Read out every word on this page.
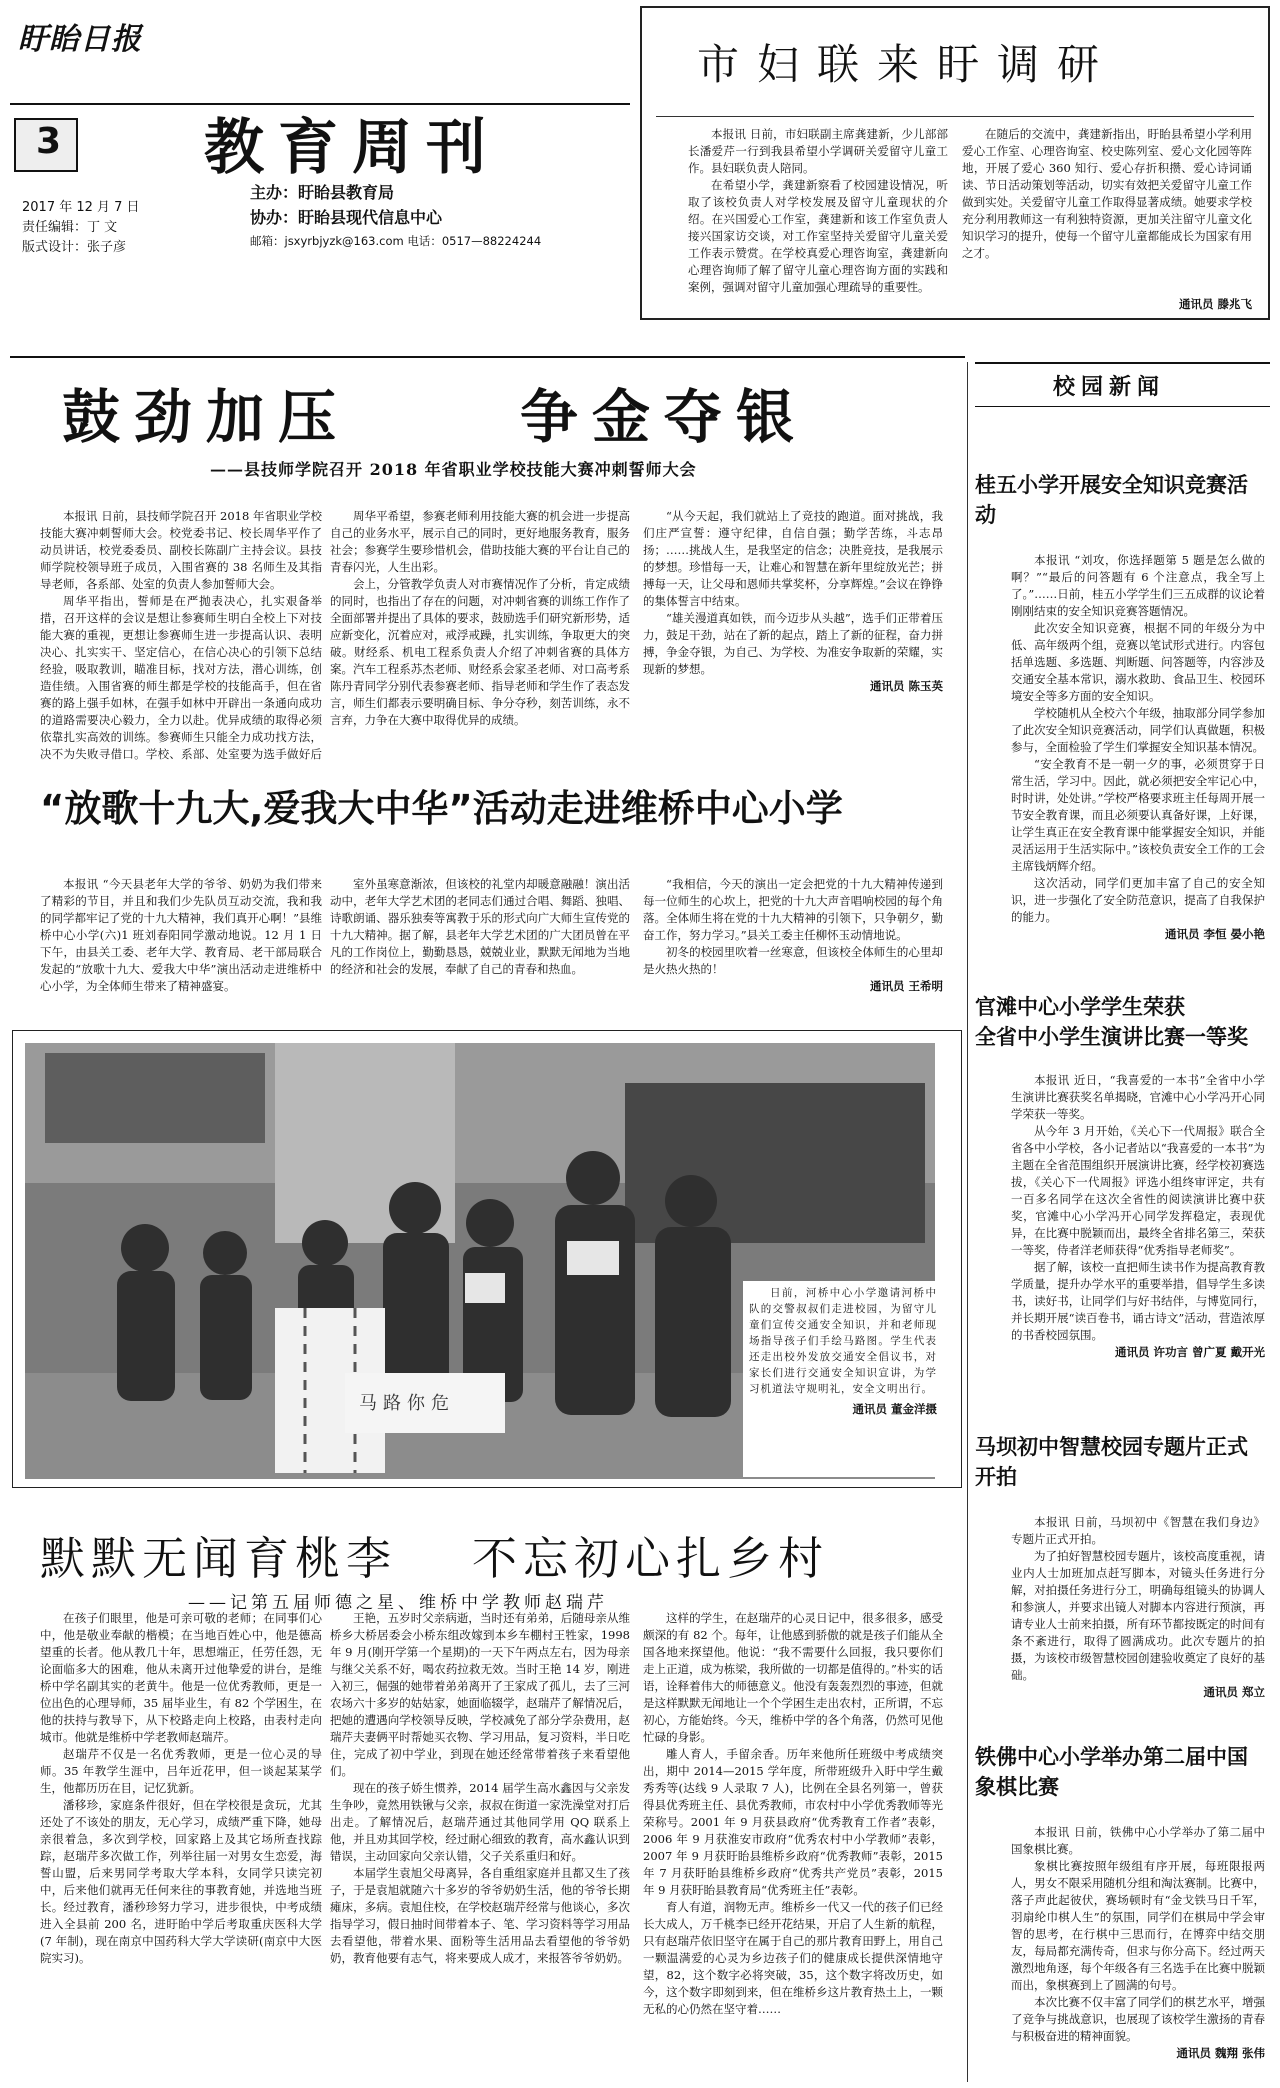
盱眙日报
3 教育周刊
2017 年 12 月 7 日
责任编辑：丁 文
版式设计：张子彦
主办：盱眙县教育局
协办：盱眙县现代信息中心
邮箱：jsxyrbjyzk@163.com 电话：0517—88224244
市妇联来盱调研

本报讯 日前，市妇联副主席龚建新，少儿部部长潘爱芹一行到我县希望小学调研关爱留守儿童工作。县妇联负责人陪同。

在希望小学，龚建新察看了校园建设情况，听取了该校负责人对学校发展及留守儿童现状的介绍。在兴国爱心工作室，龚建新和该工作室负责人接兴国家访交谈，对工作室坚持关爱留守儿童关爱工作表示赞赏。在学校真爱心理咨询室，龚建新向心理咨询师了解了留守儿童心理咨询方面的实践和案例，强调对留守儿童加强心理疏导的重要性。

在随后的交流中，龚建新指出，盱眙县希望小学利用爱心工作室、心理咨询室、校史陈列室、爱心文化园等阵地，开展了爱心 360 知行、爱心存折积攒、爱心诗词诵读、节日活动策划等活动，切实有效把关爱留守儿童工作做到实处。关爱留守儿童工作取得显著成绩。她要求学校充分利用教师这一有利独特资源，更加关注留守儿童文化知识学习的提升，使每一个留守儿童都能成长为国家有用之才。

通讯员 滕兆飞

鼓劲加压	争金夺银
——县技师学院召开 2018 年省职业学校技能大赛冲刺誓师大会

本报讯 日前，县技师学院召开 2018 年省职业学校技能大赛冲刺誓师大会。校党委书记、校长周华平作了动员讲话，校党委委员、副校长陈副广主持会议。县技师学院校领导班子成员，入围省赛的 38 名师生及其指导老师，各系部、处室的负责人参加誓师大会。

周华平指出，誓师是在严抛表决心，扎实艰备举措，召开这样的会议是想让参赛师生明白全校上下对技能大赛的重视，更想让参赛师生进一步提高认识、表明决心、扎实实干、坚定信心，在信心决心的引领下总结经验，吸取教训，瞄准目标，找对方法，潜心训练，创造佳绩。入围省赛的师生都是学校的技能高手，但在省赛的路上强手如林，在强手如林中开辟出一条通向成功的道路需要决心毅力，全力以赴。优异成绩的取得必须依靠扎实高效的训练。参赛师生只能全力成功找方法，决不为失败寻借口。学校、系部、处室要为选手做好后

周华平希望，参赛老师利用技能大赛的机会进一步提高自己的业务水平，展示自己的同时，更好地服务教育，服务社会；参赛学生要珍惜机会，借助技能大赛的平台让自己的青春闪光，人生出彩。

会上，分管教学负责人对市赛情况作了分析，肯定成绩的同时，也指出了存在的问题，对冲刺省赛的训练工作作了全面部署并提出了具体的要求，鼓励选手们研究新形势，适应新变化，沉着应对，戒浮戒躁，扎实训练，争取更大的突破。财经系、机电工程系负责人介绍了冲刺省赛的具体方案。汽车工程系苏杰老师、财经系会家圣老师、对口高考系陈丹青同学分别代表参赛老师、指导老师和学生作了表态发言，师生们都表示要明确目标、争分夺秒，刻苦训练，永不言弃，力争在大赛中取得优异的成绩。

“从今天起，我们就站上了竞技的跑道。面对挑战，我们庄严宣誓：遵守纪律，自信自强；勤学苦练，斗志昂扬；……挑战人生，是我坚定的信念；决胜竞技，是我展示的梦想。珍惜每一天，让难心和智慧在新年里绽放光芒；拼搏每一天，让父母和恩师共掌奖杯，分享辉煌。”会议在铮铮的集体誓言中结束。

“雄关漫道真如铁，而今迈步从头越”，选手们正带着压力，鼓足干劲，站在了新的起点，踏上了新的征程，奋力拼搏，争金夺银，为自己、为学校、为准安争取新的荣耀，实现新的梦想。

通讯员 陈玉英

“放歌十九大,爱我大中华”活动走进维桥中心小学

本报讯 “今天县老年大学的爷爷、奶奶为我们带来了精彩的节目，并且和我们少先队员互动交流，我和我的同学都牢记了党的十九大精神，我们真开心啊！”县维桥中心小学(六)1 班刘春阳同学激动地说。12 月 1 日下午，由县关工委、老年大学、教育局、老干部局联合发起的“放歌十九大、爱我大中华”演出活动走进维桥中心小学，为全体师生带来了精神盛宴。

室外虽寒意渐浓，但该校的礼堂内却暖意融融！演出活动中，老年大学艺术团的老同志们通过合唱、舞蹈、独唱、诗歌朗诵、器乐独奏等寓教于乐的形式向广大师生宣传党的十九大精神。据了解，县老年大学艺术团的广大团员曾在平凡的工作岗位上，勤勤恳恳，兢兢业业，默默无闻地为当地的经济和社会的发展，奉献了自己的青春和热血。

“我相信，今天的演出一定会把党的十九大精神传递到每一位师生的心坎上，把党的十九大声音唱响校园的每个角落。全体师生将在党的十九大精神的引领下，只争朝夕，勤奋工作，努力学习。”县关工委主任柳怀玉动情地说。

初冬的校园里吹着一丝寒意，但该校全体师生的心里却是火热火热的！

通讯员 王希明

马路你危

日前，河桥中心小学邀请河桥中队的交警叔叔们走进校园，为留守儿童们宣传交通安全知识，并和老师现场指导孩子们手绘马路图。学生代表还走出校外发放交通安全倡议书，对家长们进行交通安全知识宣讲，为学习机道法守规明礼，安全文明出行。

通讯员 董金洋摄

默默无闻育桃李 不忘初心扎乡村
——记第五届师德之星、维桥中学教师赵瑞芹

在孩子们眼里，他是可亲可敬的老师；在同事们心中，他是敬业奉献的楷模；在当地百姓心中，他是德高望重的长者。他从教几十年，思想端正，任劳任怨，无论面临多大的困难，他从未离开过他挚爱的讲台，是维桥中学名副其实的老黄牛。他是一位优秀教师，更是一位出色的心理导师，35 届毕业生，有 82 个学困生，在他的扶持与教导下，从下校路走向上校路，由表村走向城市。他就是维桥中学老教师赵瑞芹。

赵瑞芹不仅是一名优秀教师，更是一位心灵的导师。35 年教学生涯中，吕年近花甲，但一谈起某某学生，他都历历在目，记忆犹新。

潘移珍，家庭条件很好，但在学校很是贪玩，尤其还处了不该处的朋友，无心学习，成绩严重下降，她母亲很着急，多次到学校，回家路上及其它场所查找踪踪，赵瑞芹多次做工作，列举往届一对男女生恋爱，海誓山盟，后来男同学考取大学本科，女同学只读完初中，后来他们就再无任何来往的事教育她，并选地当班长。经过教育，潘秒珍努力学习，进步很快，中考成绩进入全县前 200 名，进盱眙中学后考取重庆医科大学(7 年制)，现在南京中国药科大学大学读研(南京中大医院实习)。

王艳，五岁时父亲病逝，当时还有弟弟，后随母亲从维桥乡大桥居委会小桥东组改嫁到本乡车棚村王牲家，1998 年 9 月(刚开学第一个星期)的一天下午两点左右，因为母亲与继父关系不好，喝农药拉救无效。当时王艳 14 岁，刚进入初三，倔强的她带着弟弟离开了王家成了孤儿，去了三河农场六十多岁的姑姑家，她面临辍学，赵瑞芹了解情况后，把她的遭遇向学校领导反映，学校减免了部分学杂费用，赵瑞芹夫妻俩平时帮她买衣物、学习用品，复习资料，半日吃住，完成了初中学业，到现在她还经常带着孩子来看望他们。

现在的孩子娇生惯养，2014 届学生高水鑫因与父亲发生争吵，竟然用铁锹与父亲，叔叔在街道一家洗澡堂对打后出走。了解情况后，赵瑞芹通过其他同学用 QQ 联系上他，并且劝其回学校，经过耐心细致的教育，高水鑫认识到错误，主动回家向父亲认错，父子关系重归和好。

本届学生袁旭父母离异，各自重组家庭并且都又生了孩子，于是袁旭就随六十多岁的爷爷奶奶生活，他的爷爷长期瘫床，多病。袁旭住校，在学校赵瑞芹经常与他谈心，多次指导学习，假日抽时间带着本子、笔、学习资料等学习用品去看望他，带着水果、面粉等生活用品去看望他的爷爷奶奶，教育他要有志气，将来要成人成才，来报答爷爷奶奶。

这样的学生，在赵瑞芹的心灵日记中，很多很多，感受颇深的有 82 个。每年，让他感到骄傲的就是孩子们能从全国各地来探望他。他说：“我不需要什么回报，我只要你们走上正道，成为栋梁，我所做的一切都是值得的。”朴实的话语，诠释着伟大的师德意义。他没有轰轰烈烈的事迹，但就是这样默默无闻地让一个个学困生走出农村，正所谓，不忘初心，方能始终。今天，维桥中学的各个角落，仍然可见他忙碌的身影。

雕人育人，手留余香。历年来他所任班级中考成绩突出，期中 2014—2015 学年度，所带班级升入盱中学生戴秀秀等(达线 9 人录取 7 人)，比例在全县名列第一，曾获得县优秀班主任、县优秀教师，市农村中小学优秀教师等光荣称号。2001 年 9 月获县政府“优秀教育工作者”表彰，2006 年 9 月获淮安市政府“优秀农村中小学教师”表彰，2007 年 9 月获盱眙县维桥乡政府“优秀教师”表彰，2015 年 7 月获盱眙县维桥乡政府“优秀共产党员”表彰，2015 年 9 月获盱眙县教育局“优秀班主任”表彰。

育人有道，润物无声。维桥乡一代又一代的孩子们已经长大成人，万千桃李已经开花结果，开启了人生新的航程，只有赵瑞芹依旧坚守在属于自己的那片教育田野上，用自己一颗温满爱的心灵为乡边孩子们的健康成长提供深情地守望，82，这个数字必将突破，35，这个数字将改历史，如今，这个数字即刻到来，但在维桥乡这片教育热土上，一颗无私的心仍然在坚守着……

校园新闻

桂五小学开展安全知识竞赛活动

本报讯 “刘攻，你选择题第 5 题是怎么做的啊？”“最后的问答题有 6 个注意点，我全写上了。”……日前，桂五小学学生们三五成群的议论着刚刚结束的安全知识竞赛答题情况。

此次安全知识竞赛，根据不同的年级分为中低、高年级两个组，竞赛以笔试形式进行。内容包括单选题、多选题、判断题、问答题等，内容涉及交通安全基本常识，溺水救助、食品卫生、校园环境安全等多方面的安全知识。

学校随机从全校六个年级，抽取部分同学参加了此次安全知识竞赛活动，同学们认真做题，积极参与，全面检验了学生们掌握安全知识基本情况。

“安全教育不是一朝一夕的事，必须贯穿于日常生活，学习中。因此，就必须把安全牢记心中，时时讲，处处讲。”学校严格要求班主任每周开展一节安全教育课，而且必须要认真备好课，上好课，让学生真正在安全教育课中能掌握安全知识，并能灵活运用于生活实际中。”该校负责安全工作的工会主席钱炳辉介绍。

这次活动，同学们更加丰富了自己的安全知识，进一步强化了安全防范意识，提高了自我保护的能力。

通讯员 李恒 晏小艳

官滩中心小学学生荣获

全省中小学生演讲比赛一等奖

本报讯 近日，“我喜爱的一本书”全省中小学生演讲比赛获奖名单揭晓，官滩中心小学冯开心同学荣获一等奖。

从今年 3 月开始，《关心下一代周报》联合全省各中小学校，各小记者站以“我喜爱的一本书”为主题在全省范围组织开展演讲比赛，经学校初赛选拔，《关心下一代周报》评选小组终审评定，共有一百多名同学在这次全省性的阅读演讲比赛中获奖，官滩中心小学冯开心同学发挥稳定，表现优异，在比赛中脱颖而出，最终全省排名第三，荣获一等奖，侍者洋老师获得“优秀指导老师奖”。

据了解，该校一直把师生读书作为提高教育教学质量，提升办学水平的重要举措，倡导学生多读书，读好书，让同学们与好书结伴，与博览同行，并长期开展“读百卷书，诵古诗文”活动，营造浓厚的书香校园氛围。

通讯员 许功言 曾广夏 戴开光

马坝初中智慧校园专题片正式开拍

本报讯 日前，马坝初中《智慧在我们身边》专题片正式开拍。

为了拍好智慧校园专题片，该校高度重视，请业内人士加班加点赶写脚本，对镜头任务进行分解，对拍摄任务进行分工，明确每组镜头的协调人和参演人，并要求出镜人对脚本内容进行预演，再请专业人士前来拍摄，所有环节都按既定的时间有条不紊进行，取得了圆满成功。此次专题片的拍摄，为该校市级智慧校园创建验收奠定了良好的基础。

通讯员 郑立

铁佛中心小学举办第二届中国象棋比赛

本报讯 日前，铁佛中心小学举办了第二届中国象棋比赛。

象棋比赛按照年级组有序开展，每班限报两人，男女不限采用随机分组和淘汰赛制。比赛中，落子声此起彼伏，赛场顿时有“金戈铁马日千军，羽扇纶巾棋人生”的氛围，同学们在棋局中学会审智的思考，在行棋中三思而行，在博弈中结交朋友，每局都充满传奇，但求与你分高下。经过两天激烈地角逐，每个年级各有三名选手在比赛中脱颖而出，象棋赛到上了圆满的句号。

本次比赛不仅丰富了同学们的棋艺水平，增强了竞争与挑战意识，也展现了该校学生激扬的青春与积极奋进的精神面貌。

通讯员 魏翔 张伟
